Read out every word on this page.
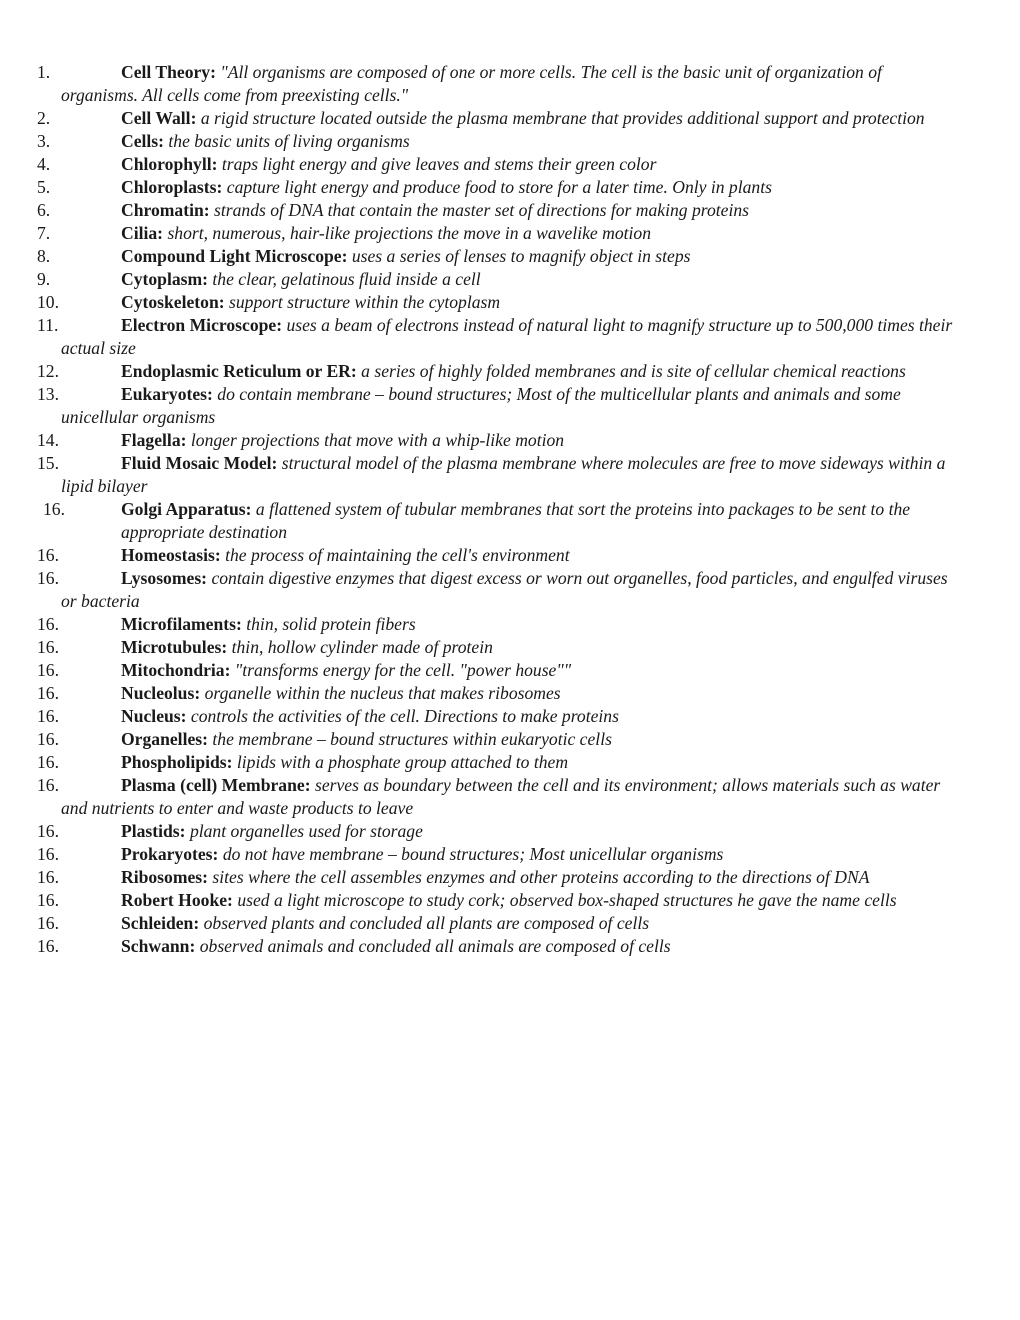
1.	Cell Theory: "All organisms are composed of one or more cells. The cell is the basic unit of organization of organisms. All cells come from preexisting cells."
2.	Cell Wall: a rigid structure located outside the plasma membrane that provides additional support and protection
3.	Cells: the basic units of living organisms
4.	Chlorophyll: traps light energy and give leaves and stems their green color
5.	Chloroplasts: capture light energy and produce food to store for a later time. Only in plants
6.	Chromatin: strands of DNA that contain the master set of directions for making proteins
7.	Cilia: short, numerous, hair-like projections the move in a wavelike motion
8.	Compound Light Microscope: uses a series of lenses to magnify object in steps
9.	Cytoplasm: the clear, gelatinous fluid inside a cell
10.	Cytoskeleton: support structure within the cytoplasm
11.	Electron Microscope: uses a beam of electrons instead of natural light to magnify structure up to 500,000 times their actual size
12.	Endoplasmic Reticulum or ER: a series of highly folded membranes and is site of cellular chemical reactions
13.	Eukaryotes: do contain membrane – bound structures; Most of the multicellular plants and animals and some unicellular organisms
14.	Flagella: longer projections that move with a whip-like motion
15.	Fluid Mosaic Model: structural model of the plasma membrane where molecules are free to move sideways within a lipid bilayer
16.	Golgi Apparatus: a flattened system of tubular membranes that sort the proteins into packages to be sent to the appropriate destination
16.	Homeostasis: the process of maintaining the cell's environment
16.	Lysosomes: contain digestive enzymes that digest excess or worn out organelles, food particles, and engulfed viruses or bacteria
16.	Microfilaments: thin, solid protein fibers
16.	Microtubules: thin, hollow cylinder made of protein
16.	Mitochondria: "transforms energy for the cell. "power house""
16.	Nucleolus: organelle within the nucleus that makes ribosomes
16.	Nucleus: controls the activities of the cell. Directions to make proteins
16.	Organelles: the membrane – bound structures within eukaryotic cells
16.	Phospholipids: lipids with a phosphate group attached to them
16.	Plasma (cell) Membrane: serves as boundary between the cell and its environment; allows materials such as water and nutrients to enter and waste products to leave
16.	Plastids: plant organelles used for storage
16.	Prokaryotes: do not have membrane – bound structures; Most unicellular organisms
16.	Ribosomes: sites where the cell assembles enzymes and other proteins according to the directions of DNA
16.	Robert Hooke: used a light microscope to study cork; observed box-shaped structures he gave the name cells
16.	Schleiden: observed plants and concluded all plants are composed of cells
16.	Schwann: observed animals and concluded all animals are composed of cells
